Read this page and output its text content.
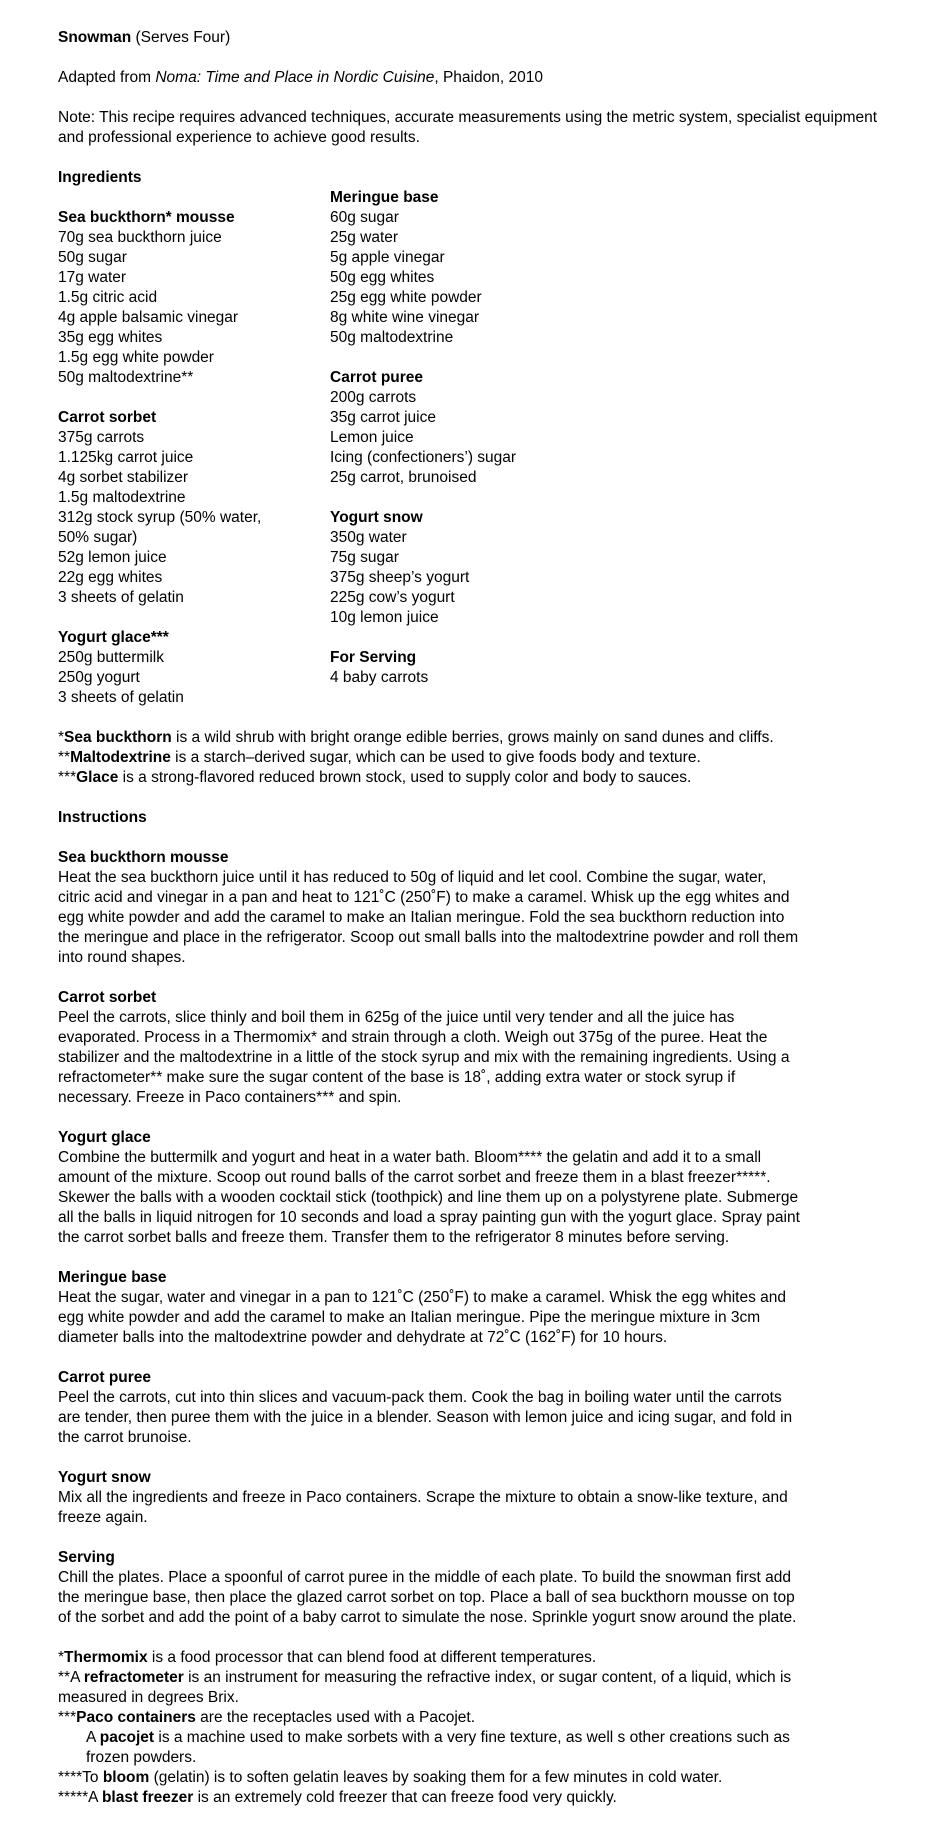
Snowman (Serves Four)

Adapted from Noma: Time and Place in Nordic Cuisine, Phaidon, 2010

Note: This recipe requires advanced techniques, accurate measurements using the metric system, specialist equipment and professional experience to achieve good results.

Ingredients
Sea buckthorn* mousse
70g sea buckthorn juice
50g sugar
17g water
1.5g citric acid
4g apple balsamic vinegar
35g egg whites
1.5g egg white powder
50g maltodextrine**
Carrot sorbet
375g carrots
1.125kg carrot juice
4g sorbet stabilizer
1.5g maltodextrine
312g stock syrup (50% water,
50% sugar)
52g lemon juice
22g egg whites
3 sheets of gelatin
Yogurt glace***
250g buttermilk
250g yogurt
3 sheets of gelatin
Meringue base
60g sugar
25g water
5g apple vinegar
50g egg whites
25g egg white powder
8g white wine vinegar
50g maltodextrine
Carrot puree
200g carrots
35g carrot juice
Lemon juice
Icing (confectioners’) sugar
25g carrot, brunoised
Yogurt snow
350g water
75g sugar
375g sheep’s yogurt
225g cow’s yogurt
10g lemon juice
For Serving
4 baby carrots
*Sea buckthorn is a wild shrub with bright orange edible berries, grows mainly on sand dunes and cliffs.
**Maltodextrine is a starch–derived sugar, which can be used to give foods body and texture.
***Glace is a strong-flavored reduced brown stock, used to supply color and body to sauces.
Instructions
Sea buckthorn mousse
Heat the sea buckthorn juice until it has reduced to 50g of liquid and let cool. Combine the sugar, water,
citric acid and vinegar in a pan and heat to 121˚C (250˚F) to make a caramel. Whisk up the egg whites and
egg white powder and add the caramel to make an Italian meringue. Fold the sea buckthorn reduction into
the meringue and place in the refrigerator. Scoop out small balls into the maltodextrine powder and roll them
into round shapes.
Carrot sorbet
Peel the carrots, slice thinly and boil them in 625g of the juice until very tender and all the juice has
evaporated. Process in a Thermomix* and strain through a cloth. Weigh out 375g of the puree. Heat the
stabilizer and the maltodextrine in a little of the stock syrup and mix with the remaining ingredients. Using a
refractometer** make sure the sugar content of the base is 18˚, adding extra water or stock syrup if
necessary. Freeze in Paco containers*** and spin.
Yogurt glace
Combine the buttermilk and yogurt and heat in a water bath. Bloom**** the gelatin and add it to a small
amount of the mixture. Scoop out round balls of the carrot sorbet and freeze them in a blast freezer*****.
Skewer the balls with a wooden cocktail stick (toothpick) and line them up on a polystyrene plate. Submerge
all the balls in liquid nitrogen for 10 seconds and load a spray painting gun with the yogurt glace. Spray paint
the carrot sorbet balls and freeze them. Transfer them to the refrigerator 8 minutes before serving.
Meringue base
Heat the sugar, water and vinegar in a pan to 121˚C (250˚F) to make a caramel. Whisk the egg whites and
egg white powder and add the caramel to make an Italian meringue. Pipe the meringue mixture in 3cm
diameter balls into the maltodextrine powder and dehydrate at 72˚C (162˚F) for 10 hours.
Carrot puree
Peel the carrots, cut into thin slices and vacuum-pack them. Cook the bag in boiling water until the carrots
are tender, then puree them with the juice in a blender. Season with lemon juice and icing sugar, and fold in
the carrot brunoise.
Yogurt snow
Mix all the ingredients and freeze in Paco containers. Scrape the mixture to obtain a snow-like texture, and
freeze again.
Serving
Chill the plates. Place a spoonful of carrot puree in the middle of each plate. To build the snowman first add
the meringue base, then place the glazed carrot sorbet on top. Place a ball of sea buckthorn mousse on top
of the sorbet and add the point of a baby carrot to simulate the nose. Sprinkle yogurt snow around the plate.
*Thermomix is a food processor that can blend food at different temperatures.
**A refractometer is an instrument for measuring the refractive index, or sugar content, of a liquid, which is
measured in degrees Brix.
***Paco containers are the receptacles used with a Pacojet.
A pacojet is a machine used to make sorbets with a very fine texture, as well s other creations such as
frozen powders.
****To bloom (gelatin) is to soften gelatin leaves by soaking them for a few minutes in cold water.
*****A blast freezer is an extremely cold freezer that can freeze food very quickly.
